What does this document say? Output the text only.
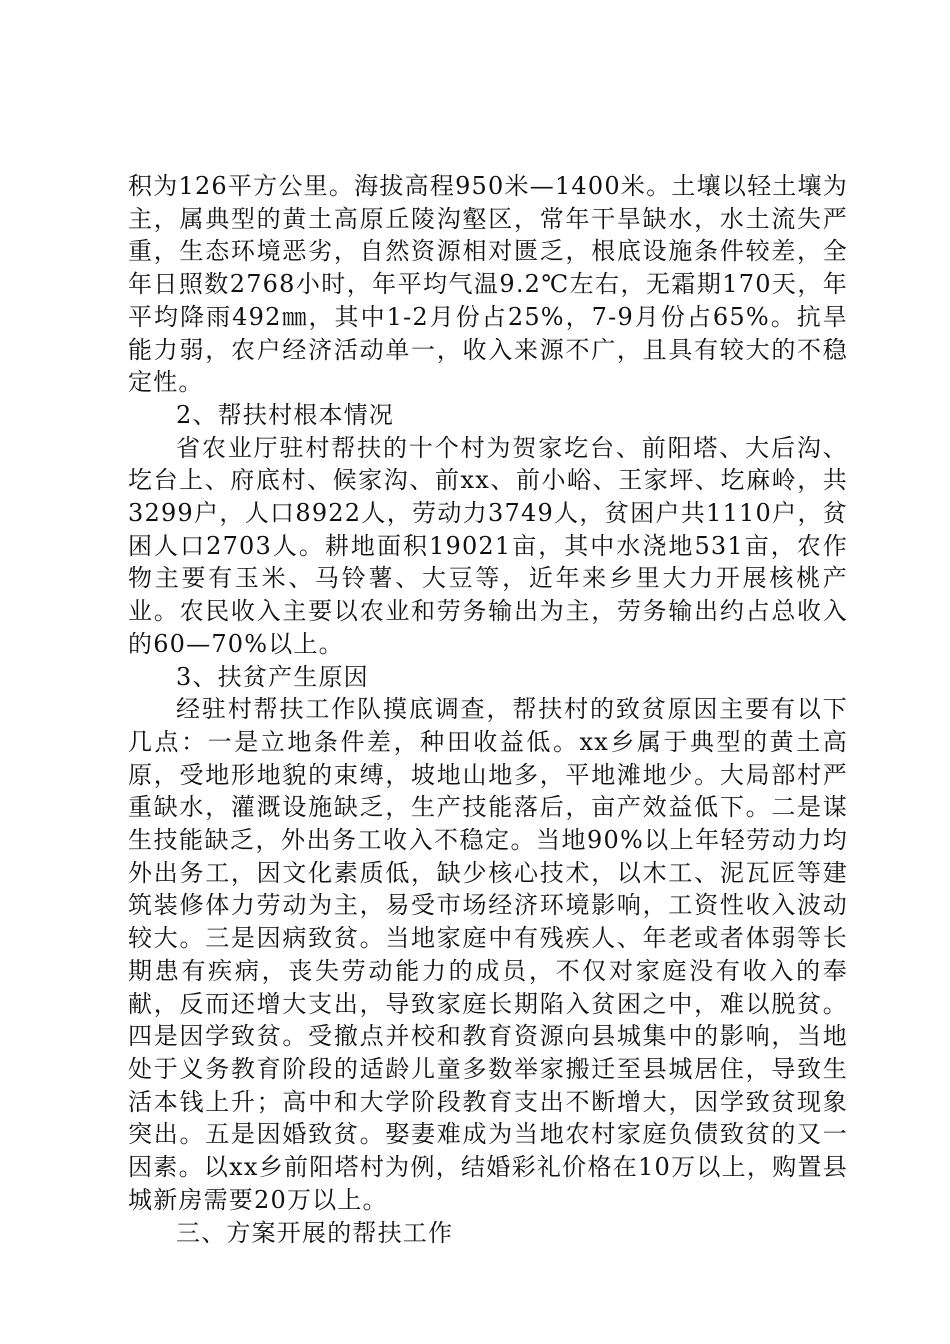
积为126平方公里。海拔高程950米—1400米。土壤以轻土壤为主，属典型的黄土高原丘陵沟壑区，常年干旱缺水，水土流失严重，生态环境恶劣，自然资源相对匮乏，根底设施条件较差，全年日照数2768小时，年平均气温9.2℃左右，无霜期170天，年平均降雨492㎜，其中1-2月份占25%，7-9月份占65%。抗旱能力弱，农户经济活动单一，收入来源不广，且具有较大的不稳定性。

2、帮扶村根本情况

省农业厅驻村帮扶的十个村为贺家圪台、前阳塔、大后沟、圪台上、府底村、候家沟、前xx、前小峪、王家坪、圪麻岭，共3299户，人口8922人，劳动力3749人，贫困户共1110户，贫困人口2703人。耕地面积19021亩，其中水浇地531亩，农作物主要有玉米、马铃薯、大豆等，近年来乡里大力开展核桃产业。农民收入主要以农业和劳务输出为主，劳务输出约占总收入的60—70%以上。

3、扶贫产生原因

经驻村帮扶工作队摸底调查，帮扶村的致贫原因主要有以下几点：一是立地条件差，种田收益低。xx乡属于典型的黄土高原，受地形地貌的束缚，坡地山地多，平地滩地少。大局部村严重缺水，灌溉设施缺乏，生产技能落后，亩产效益低下。二是谋生技能缺乏，外出务工收入不稳定。当地90%以上年轻劳动力均外出务工，因文化素质低，缺少核心技术，以木工、泥瓦匠等建筑装修体力劳动为主，易受市场经济环境影响，工资性收入波动较大。三是因病致贫。当地家庭中有残疾人、年老或者体弱等长期患有疾病，丧失劳动能力的成员，不仅对家庭没有收入的奉献，反而还增大支出，导致家庭长期陷入贫困之中，难以脱贫。四是因学致贫。受撤点并校和教育资源向县城集中的影响，当地处于义务教育阶段的适龄儿童多数举家搬迁至县城居住，导致生活本钱上升；高中和大学阶段教育支出不断增大，因学致贫现象突出。五是因婚致贫。娶妻难成为当地农村家庭负债致贫的又一因素。以xx乡前阳塔村为例，结婚彩礼价格在10万以上，购置县城新房需要20万以上。

三、方案开展的帮扶工作
